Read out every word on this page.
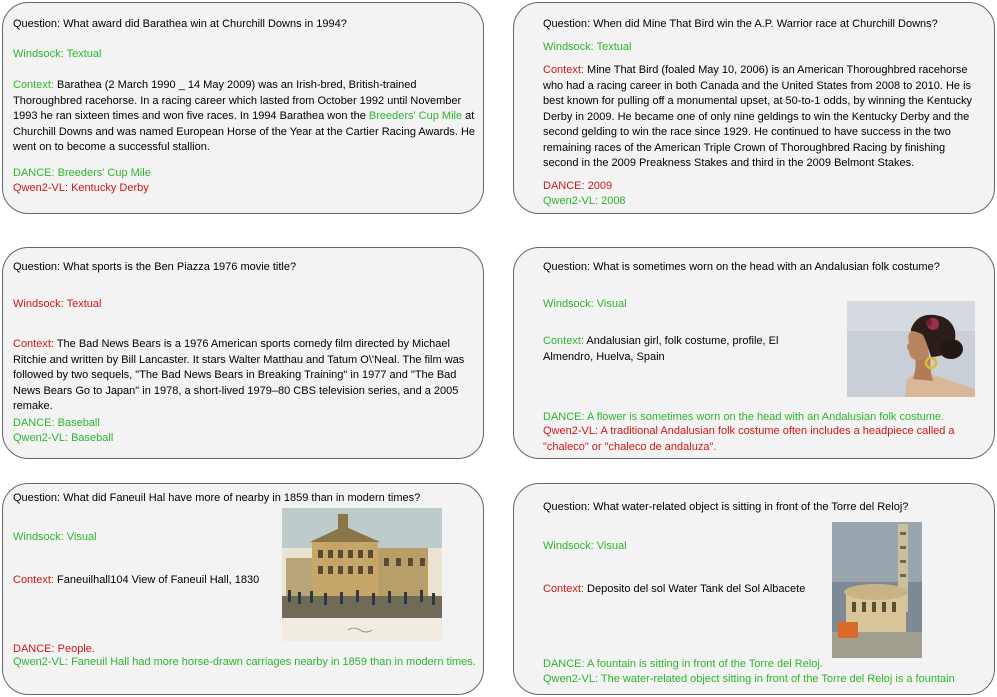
Question: What award did Barathea win at Churchill Downs in 1994?
Windsock: Textual
Context: Barathea (2 March 1990 _ 14 May 2009) was an Irish-bred, British-trained Thoroughbred racehorse. In a racing career which lasted from October 1992 until November 1993 he ran sixteen times and won five races. In 1994 Barathea won the Breeders' Cup Mile at Churchill Downs and was named European Horse of the Year at the Cartier Racing Awards. He went on to become a successful stallion.
DANCE: Breeders' Cup Mile
Qwen2-VL: Kentucky Derby
Question: When did Mine That Bird win the A.P. Warrior race at Churchill Downs?
Windsock: Textual
Context: Mine That Bird (foaled May 10, 2006) is an American Thoroughbred racehorse who had a racing career in both Canada and the United States from 2008 to 2010. He is best known for pulling off a monumental upset, at 50-to-1 odds, by winning the Kentucky Derby in 2009. He became one of only nine geldings to win the Kentucky Derby and the second gelding to win the race since 1929. He continued to have success in the two remaining races of the American Triple Crown of Thoroughbred Racing by finishing second in the 2009 Preakness Stakes and third in the 2009 Belmont Stakes.
DANCE: 2009
Qwen2-VL: 2008
Question: What sports is the Ben Piazza 1976 movie title?
Windsock: Textual
Context: The Bad News Bears is a 1976 American sports comedy film directed by Michael Ritchie and written by Bill Lancaster. It stars Walter Matthau and Tatum O\'Neal. The film was followed by two sequels, "The Bad News Bears in Breaking Training" in 1977 and "The Bad News Bears Go to Japan" in 1978, a short-lived 1979–80 CBS television series, and a 2005 remake.
DANCE: Baseball
Qwen2-VL: Baseball
Question: What is sometimes worn on the head with an Andalusian folk costume?
Windsock: Visual
Context: Andalusian girl, folk costume, profile, El Almendro, Huelva, Spain
DANCE: A flower is sometimes worn on the head with an Andalusian folk costume.
Qwen2-VL: A traditional Andalusian folk costume often includes a headpiece called a "chaleco" or "chaleco de andaluza".
Question: What did Faneuil Hal have more of nearby in 1859 than in modern times?
Windsock: Visual
Context: Faneuilhall104 View of Faneuil Hall, 1830
DANCE: People.
Qwen2-VL: Faneuil Hall had more horse-drawn carriages nearby in 1859 than in modern times.
Question: What water-related object is sitting in front of the Torre del Reloj?
Windsock: Visual
Context: Deposito del sol Water Tank del Sol Albacete
DANCE: A fountain is sitting in front of the Torre del Reloj.
Qwen2-VL: The water-related object sitting in front of the Torre del Reloj is a fountain
